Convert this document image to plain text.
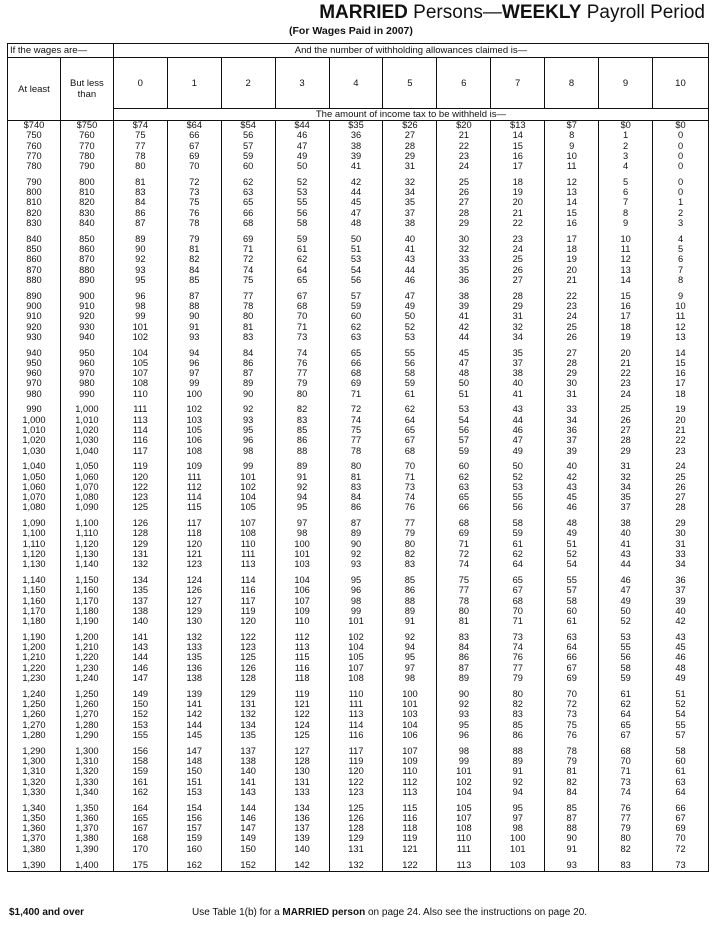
MARRIED Persons—WEEKLY Payroll Period
(For Wages Paid in 2007)
If the wages are—		And the number of withholding allowances claimed is—										
At least	But less than	0	1	2	3	4	5	6	7	8	9	10
		The amount of income tax to be withheld is—										
$740	$750	$74	$64	$54	$44	$35	$26	$20	$13	$7	$0	$0
750	760	75	66	56	46	36	27	21	14	8	1	0
760	770	77	67	57	47	38	28	22	15	9	2	0
770	780	78	69	59	49	39	29	23	16	10	3	0
780	790	80	70	60	50	41	31	24	17	11	4	0

790	800	81	72	62	52	42	32	25	18	12	5	0
800	810	83	73	63	53	44	34	26	19	13	6	0
810	820	84	75	65	55	45	35	27	20	14	7	1
820	830	86	76	66	56	47	37	28	21	15	8	2
830	840	87	78	68	58	48	38	29	22	16	9	3

840	850	89	79	69	59	50	40	30	23	17	10	4
850	860	90	81	71	61	51	41	32	24	18	11	5
860	870	92	82	72	62	53	43	33	25	19	12	6
870	880	93	84	74	64	54	44	35	26	20	13	7
880	890	95	85	75	65	56	46	36	27	21	14	8

890	900	96	87	77	67	57	47	38	28	22	15	9
900	910	98	88	78	68	59	49	39	29	23	16	10
910	920	99	90	80	70	60	50	41	31	24	17	11
920	930	101	91	81	71	62	52	42	32	25	18	12
930	940	102	93	83	73	63	53	44	34	26	19	13

940	950	104	94	84	74	65	55	45	35	27	20	14
950	960	105	96	86	76	66	56	47	37	28	21	15
960	970	107	97	87	77	68	58	48	38	29	22	16
970	980	108	99	89	79	69	59	50	40	30	23	17
980	990	110	100	90	80	71	61	51	41	31	24	18

990	1,000	111	102	92	82	72	62	53	43	33	25	19
1,000	1,010	113	103	93	83	74	64	54	44	34	26	20
1,010	1,020	114	105	95	85	75	65	56	46	36	27	21
1,020	1,030	116	106	96	86	77	67	57	47	37	28	22
1,030	1,040	117	108	98	88	78	68	59	49	39	29	23

1,040	1,050	119	109	99	89	80	70	60	50	40	31	24
1,050	1,060	120	111	101	91	81	71	62	52	42	32	25
1,060	1,070	122	112	102	92	83	73	63	53	43	34	26
1,070	1,080	123	114	104	94	84	74	65	55	45	35	27
1,080	1,090	125	115	105	95	86	76	66	56	46	37	28

1,090	1,100	126	117	107	97	87	77	68	58	48	38	29
1,100	1,110	128	118	108	98	89	79	69	59	49	40	30
1,110	1,120	129	120	110	100	90	80	71	61	51	41	31
1,120	1,130	131	121	111	101	92	82	72	62	52	43	33
1,130	1,140	132	123	113	103	93	83	74	64	54	44	34

1,140	1,150	134	124	114	104	95	85	75	65	55	46	36
1,150	1,160	135	126	116	106	96	86	77	67	57	47	37
1,160	1,170	137	127	117	107	98	88	78	68	58	49	39
1,170	1,180	138	129	119	109	99	89	80	70	60	50	40
1,180	1,190	140	130	120	110	101	91	81	71	61	52	42

1,190	1,200	141	132	122	112	102	92	83	73	63	53	43
1,200	1,210	143	133	123	113	104	94	84	74	64	55	45
1,210	1,220	144	135	125	115	105	95	86	76	66	56	46
1,220	1,230	146	136	126	116	107	97	87	77	67	58	48
1,230	1,240	147	138	128	118	108	98	89	79	69	59	49

1,240	1,250	149	139	129	119	110	100	90	80	70	61	51
1,250	1,260	150	141	131	121	111	101	92	82	72	62	52
1,260	1,270	152	142	132	122	113	103	93	83	73	64	54
1,270	1,280	153	144	134	124	114	104	95	85	75	65	55
1,280	1,290	155	145	135	125	116	106	96	86	76	67	57

1,290	1,300	156	147	137	127	117	107	98	88	78	68	58
1,300	1,310	158	148	138	128	119	109	99	89	79	70	60
1,310	1,320	159	150	140	130	120	110	101	91	81	71	61
1,320	1,330	161	151	141	131	122	112	102	92	82	73	63
1,330	1,340	162	153	143	133	123	113	104	94	84	74	64

1,340	1,350	164	154	144	134	125	115	105	95	85	76	66
1,350	1,360	165	156	146	136	126	116	107	97	87	77	67
1,360	1,370	167	157	147	137	128	118	108	98	88	79	69
1,370	1,380	168	159	149	139	129	119	110	100	90	80	70
1,380	1,390	170	160	150	140	131	121	111	101	91	82	72

1,390	1,400	175	162	152	142	132	122	113	103	93	83	73
$1,400 and over	Use Table 1(b) for a MARRIED person on page 24. Also see the instructions on page 20.
